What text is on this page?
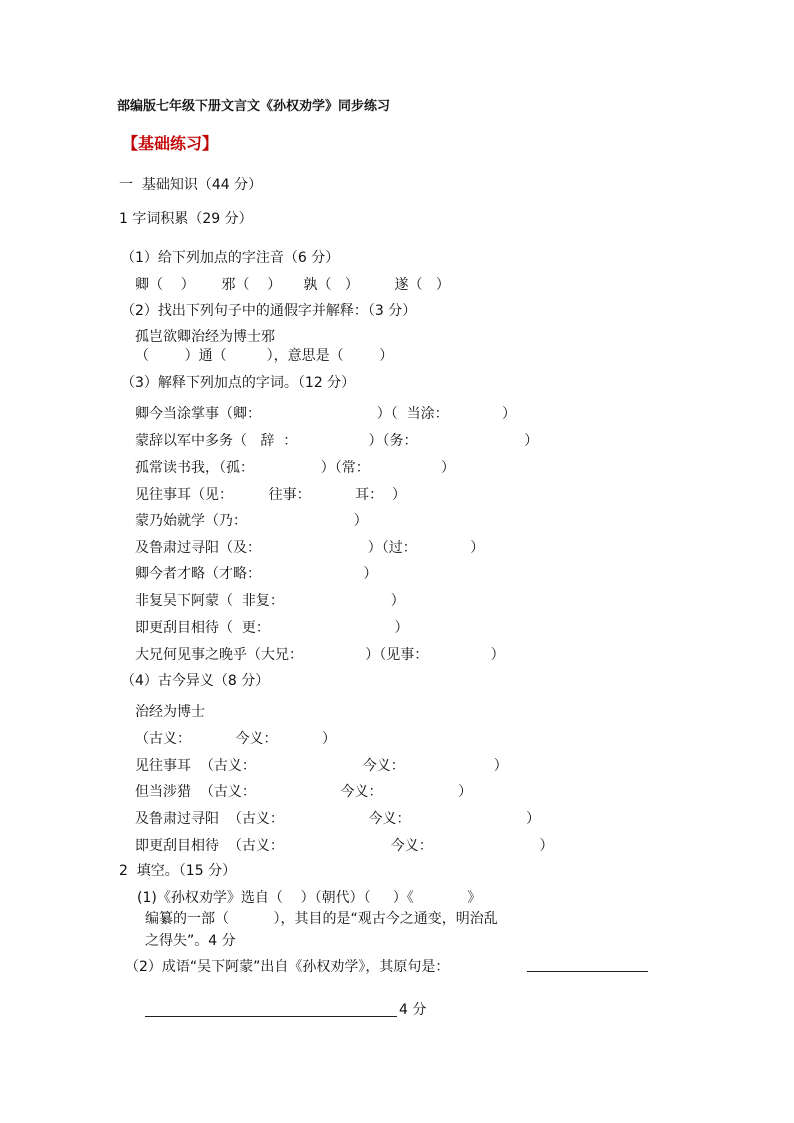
部编版七年级下册文言文《孙权劝学》同步练习
【基础练习】
一  基础知识（44 分）
1 字词积累（29 分）
（1）给下列加点的字注音（6 分）
卿（    ）      邪（    ）     孰（   ）        遂（   ）
（2）找出下列句子中的通假字并解释：（3 分）
孤岂欲卿治经为博士邪
（        ）通（         ），意思是（        ）
（3）解释下列加点的字词。（12 分）
卿今当涂掌事（卿：                          ）（  当涂：            ）
蒙辞以军中多务（   辞  ：                ）（务：                        ）
孤常读书我，（孤：               ）（常：                ）
见往事耳（见：        往事：          耳：  ）
蒙乃始就学（乃：                        ）
及鲁肃过寻阳（及：                        ）（过：            ）
卿今者才略（才略：                       ）
非复吴下阿蒙（  非复：                        ）
即更刮目相待（  更：                            ）
大兄何见事之晚乎（大兄：              ）（见事：              ）
（4）古今异义（8 分）
治经为博士
（古义：          今义：          ）
见往事耳  （古义：                        今义：                    ）
但当涉猎  （古义：                   今义：                 ）
及鲁肃过寻阳  （古义：                   今义：                          ）
即更刮目相待  （古义：                        今义：                        ）
2  填空。（15 分）
(1)《孙权劝学》选自（    ）（朝代）（     ）《            》
编纂的一部（          ），其目的是“观古今之通变，明治乱
之得失”。4 分
（2）成语“吴下阿蒙”出自《孙权劝学》，其原句是：
4 分
